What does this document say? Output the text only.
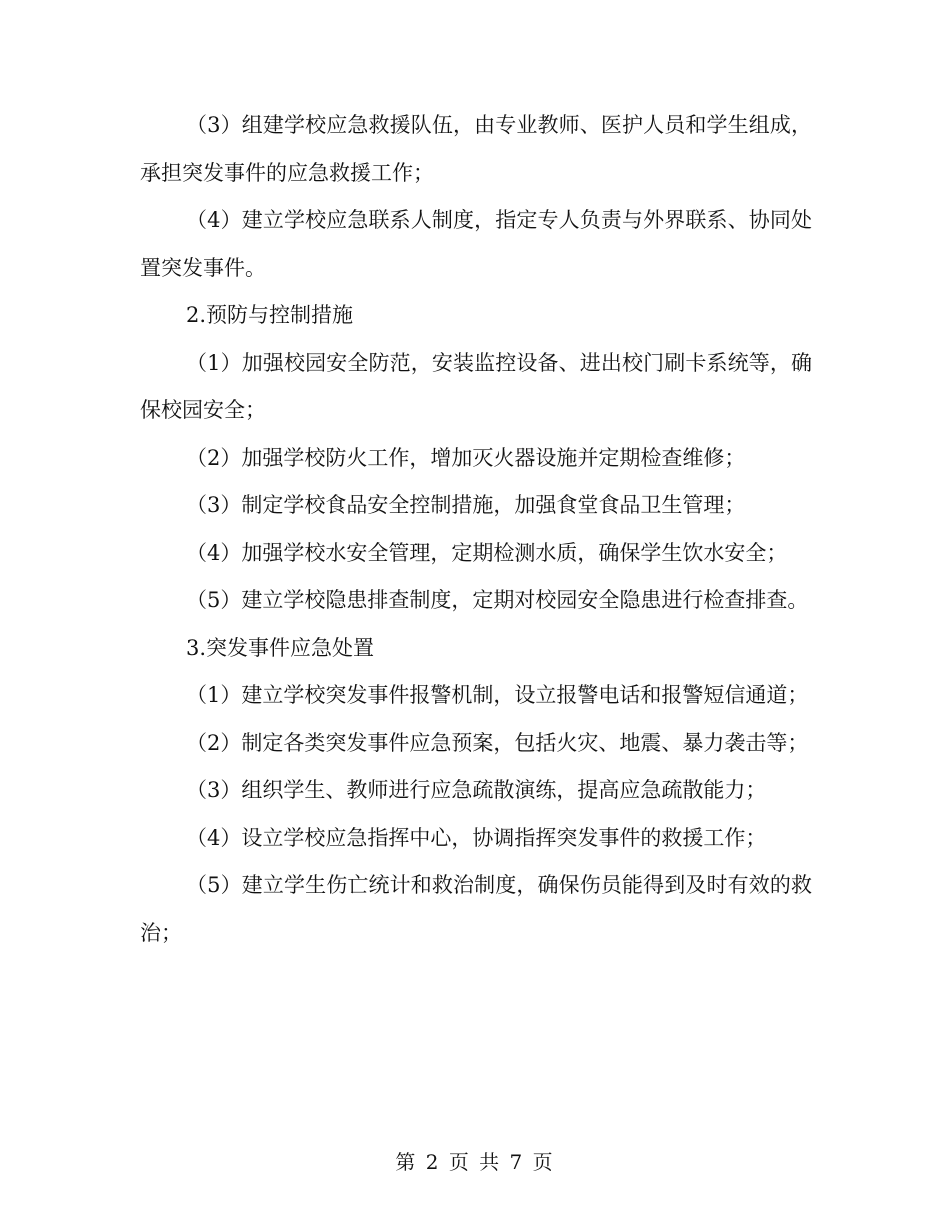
（3）组建学校应急救援队伍，由专业教师、医护人员和学生组成，承担突发事件的应急救援工作；

（4）建立学校应急联系人制度，指定专人负责与外界联系、协同处置突发事件。

2.预防与控制措施

（1）加强校园安全防范，安装监控设备、进出校门刷卡系统等，确保校园安全；

（2）加强学校防火工作，增加灭火器设施并定期检查维修；

（3）制定学校食品安全控制措施，加强食堂食品卫生管理；

（4）加强学校水安全管理，定期检测水质，确保学生饮水安全；

（5）建立学校隐患排查制度，定期对校园安全隐患进行检查排查。

3.突发事件应急处置

（1）建立学校突发事件报警机制，设立报警电话和报警短信通道；

（2）制定各类突发事件应急预案，包括火灾、地震、暴力袭击等；

（3）组织学生、教师进行应急疏散演练，提高应急疏散能力；

（4）设立学校应急指挥中心，协调指挥突发事件的救援工作；

（5）建立学生伤亡统计和救治制度，确保伤员能得到及时有效的救治；

第 2 页 共 7 页
